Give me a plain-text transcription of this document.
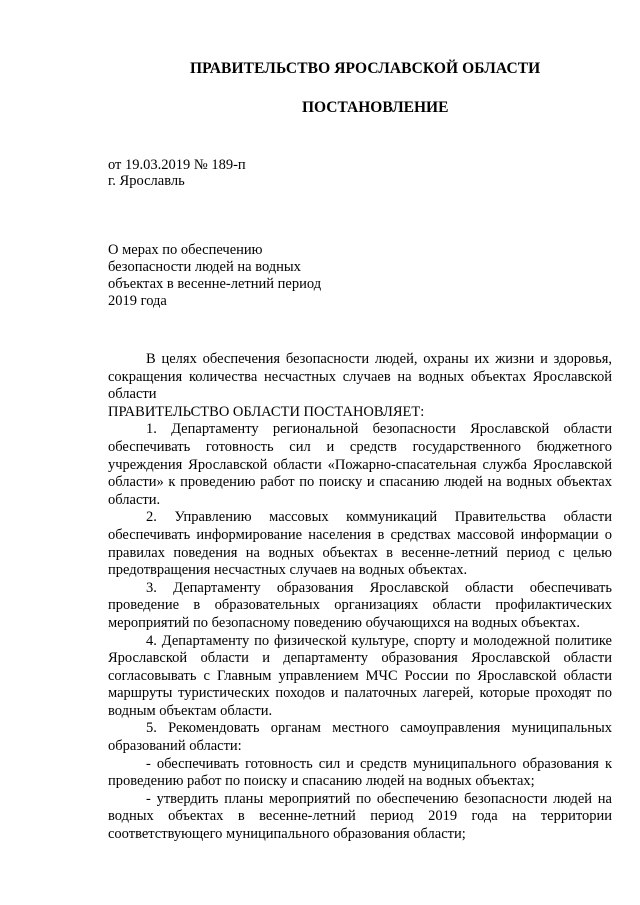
ПРАВИТЕЛЬСТВО ЯРОСЛАВСКОЙ ОБЛАСТИ
ПОСТАНОВЛЕНИЕ
от 19.03.2019 № 189-п
г. Ярославль
О мерах по обеспечению
безопасности людей на водных
объектах в весенне-летний период
2019 года

В целях обеспечения безопасности людей, охраны их жизни и здоровья, сокращения количества несчастных случаев на водных объектах Ярославской области

ПРАВИТЕЛЬСТВО ОБЛАСТИ ПОСТАНОВЛЯЕТ:

1. Департаменту региональной безопасности Ярославской области обеспечивать готовность сил и средств государственного бюджетного учреждения Ярославской области «Пожарно-спасательная служба Ярославской области» к проведению работ по поиску и спасанию людей на водных объектах области.

2. Управлению массовых коммуникаций Правительства области обеспечивать информирование населения в средствах массовой информации о правилах поведения на водных объектах в весенне-летний период с целью предотвращения несчастных случаев на водных объектах.

3. Департаменту образования Ярославской области обеспечивать проведение в образовательных организациях области профилактических мероприятий по безопасному поведению обучающихся на водных объектах.

4. Департаменту по физической культуре, спорту и молодежной политике Ярославской области и департаменту образования Ярославской области согласовывать с Главным управлением МЧС России по Ярославской области маршруты туристических походов и палаточных лагерей, которые проходят по водным объектам области.

5. Рекомендовать органам местного самоуправления муниципальных образований области:

- обеспечивать готовность сил и средств муниципального образования к проведению работ по поиску и спасанию людей на водных объектах;

- утвердить планы мероприятий по обеспечению безопасности людей на водных объектах в весенне-летний период 2019 года на территории соответствующего муниципального образования области;
